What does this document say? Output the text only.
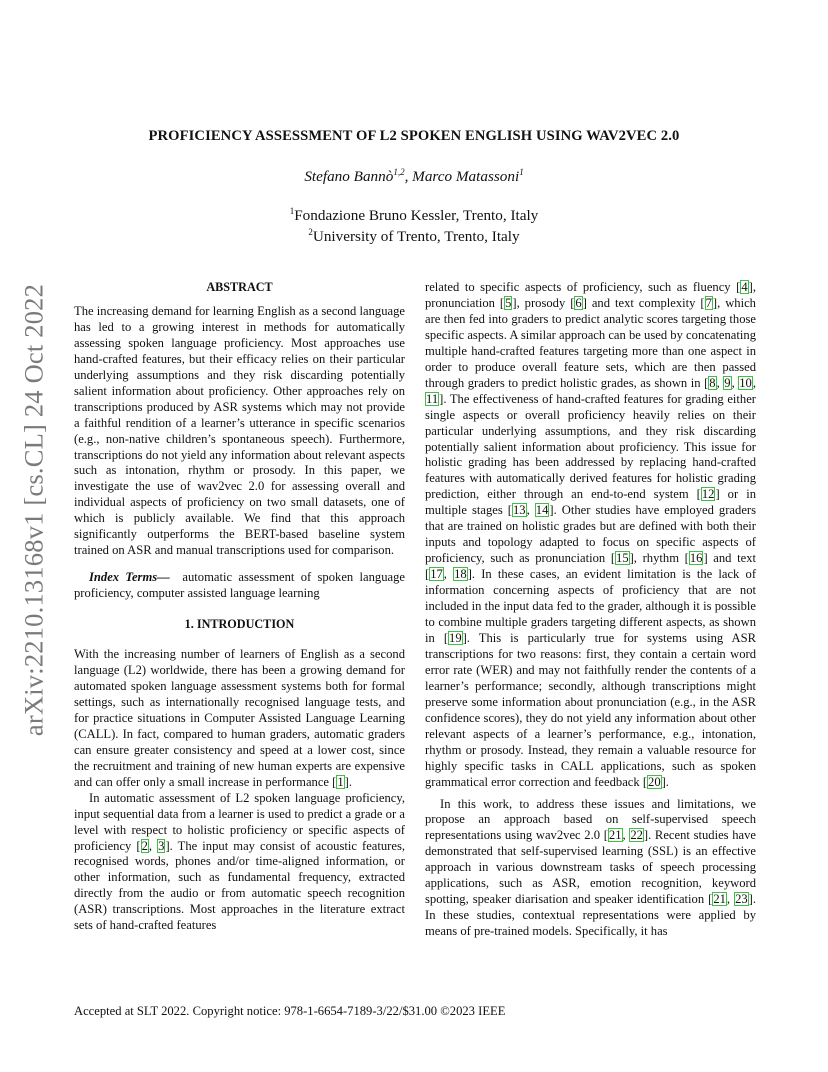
arXiv:2210.13168v1 [cs.CL] 24 Oct 2022
PROFICIENCY ASSESSMENT OF L2 SPOKEN ENGLISH USING WAV2VEC 2.0
Stefano Bannò$^{1,2}$, Marco Matassoni$^1$
$^1$Fondazione Bruno Kessler, Trento, Italy
$^2$University of Trento, Trento, Italy
ABSTRACT

The increasing demand for learning English as a second language has led to a growing interest in methods for automatically assessing spoken language proficiency. Most approaches use hand-crafted features, but their efficacy relies on their particular underlying assumptions and they risk discarding potentially salient information about proficiency. Other approaches rely on transcriptions produced by ASR systems which may not provide a faithful rendition of a learner’s utterance in specific scenarios (e.g., non-native children’s spontaneous speech). Furthermore, transcriptions do not yield any information about relevant aspects such as intonation, rhythm or prosody. In this paper, we investigate the use of wav2vec 2.0 for assessing overall and individual aspects of proficiency on two small datasets, one of which is publicly available. We find that this approach significantly outperforms the BERT-based baseline system trained on ASR and manual transcriptions used for comparison.

Index Terms— automatic assessment of spoken language proficiency, computer assisted language learning

1. INTRODUCTION

With the increasing number of learners of English as a second language (L2) worldwide, there has been a growing demand for automated spoken language assessment systems both for formal settings, such as internationally recognised language tests, and for practice situations in Computer Assisted Language Learning (CALL). In fact, compared to human graders, automatic graders can ensure greater consistency and speed at a lower cost, since the recruitment and training of new human experts are expensive and can offer only a small increase in performance [1].

In automatic assessment of L2 spoken language proficiency, input sequential data from a learner is used to predict a grade or a level with respect to holistic proficiency or specific aspects of proficiency [2, 3]. The input may consist of acoustic features, recognised words, phones and/or time-aligned information, or other information, such as fundamental frequency, extracted directly from the audio or from automatic speech recognition (ASR) transcriptions. Most approaches in the literature extract sets of hand-crafted features

related to specific aspects of proficiency, such as fluency [4], pronunciation [5], prosody [6] and text complexity [7], which are then fed into graders to predict analytic scores targeting those specific aspects. A similar approach can be used by concatenating multiple hand-crafted features targeting more than one aspect in order to produce overall feature sets, which are then passed through graders to predict holistic grades, as shown in [8, 9, 10, 11]. The effectiveness of hand-crafted features for grading either single aspects or overall proficiency heavily relies on their particular underlying assumptions, and they risk discarding potentially salient information about proficiency. This issue for holistic grading has been addressed by replacing hand-crafted features with automatically derived features for holistic grading prediction, either through an end-to-end system [12] or in multiple stages [13, 14]. Other studies have employed graders that are trained on holistic grades but are defined with both their inputs and topology adapted to focus on specific aspects of proficiency, such as pronunciation [15], rhythm [16] and text [17, 18]. In these cases, an evident limitation is the lack of information concerning aspects of proficiency that are not included in the input data fed to the grader, although it is possible to combine multiple graders targeting different aspects, as shown in [19]. This is particularly true for systems using ASR transcriptions for two reasons: first, they contain a certain word error rate (WER) and may not faithfully render the contents of a learner’s performance; secondly, although transcriptions might preserve some information about pronunciation (e.g., in the ASR confidence scores), they do not yield any information about other relevant aspects of a learner’s performance, e.g., intonation, rhythm or prosody. Instead, they remain a valuable resource for highly specific tasks in CALL applications, such as spoken grammatical error correction and feedback [20].

In this work, to address these issues and limitations, we propose an approach based on self-supervised speech representations using wav2vec 2.0 [21, 22]. Recent studies have demonstrated that self-supervised learning (SSL) is an effective approach in various downstream tasks of speech processing applications, such as ASR, emotion recognition, keyword spotting, speaker diarisation and speaker identification [21, 23]. In these studies, contextual representations were applied by means of pre-trained models. Specifically, it has

Accepted at SLT 2022. Copyright notice: 978-1-6654-7189-3/22/$31.00 ©2023 IEEE
